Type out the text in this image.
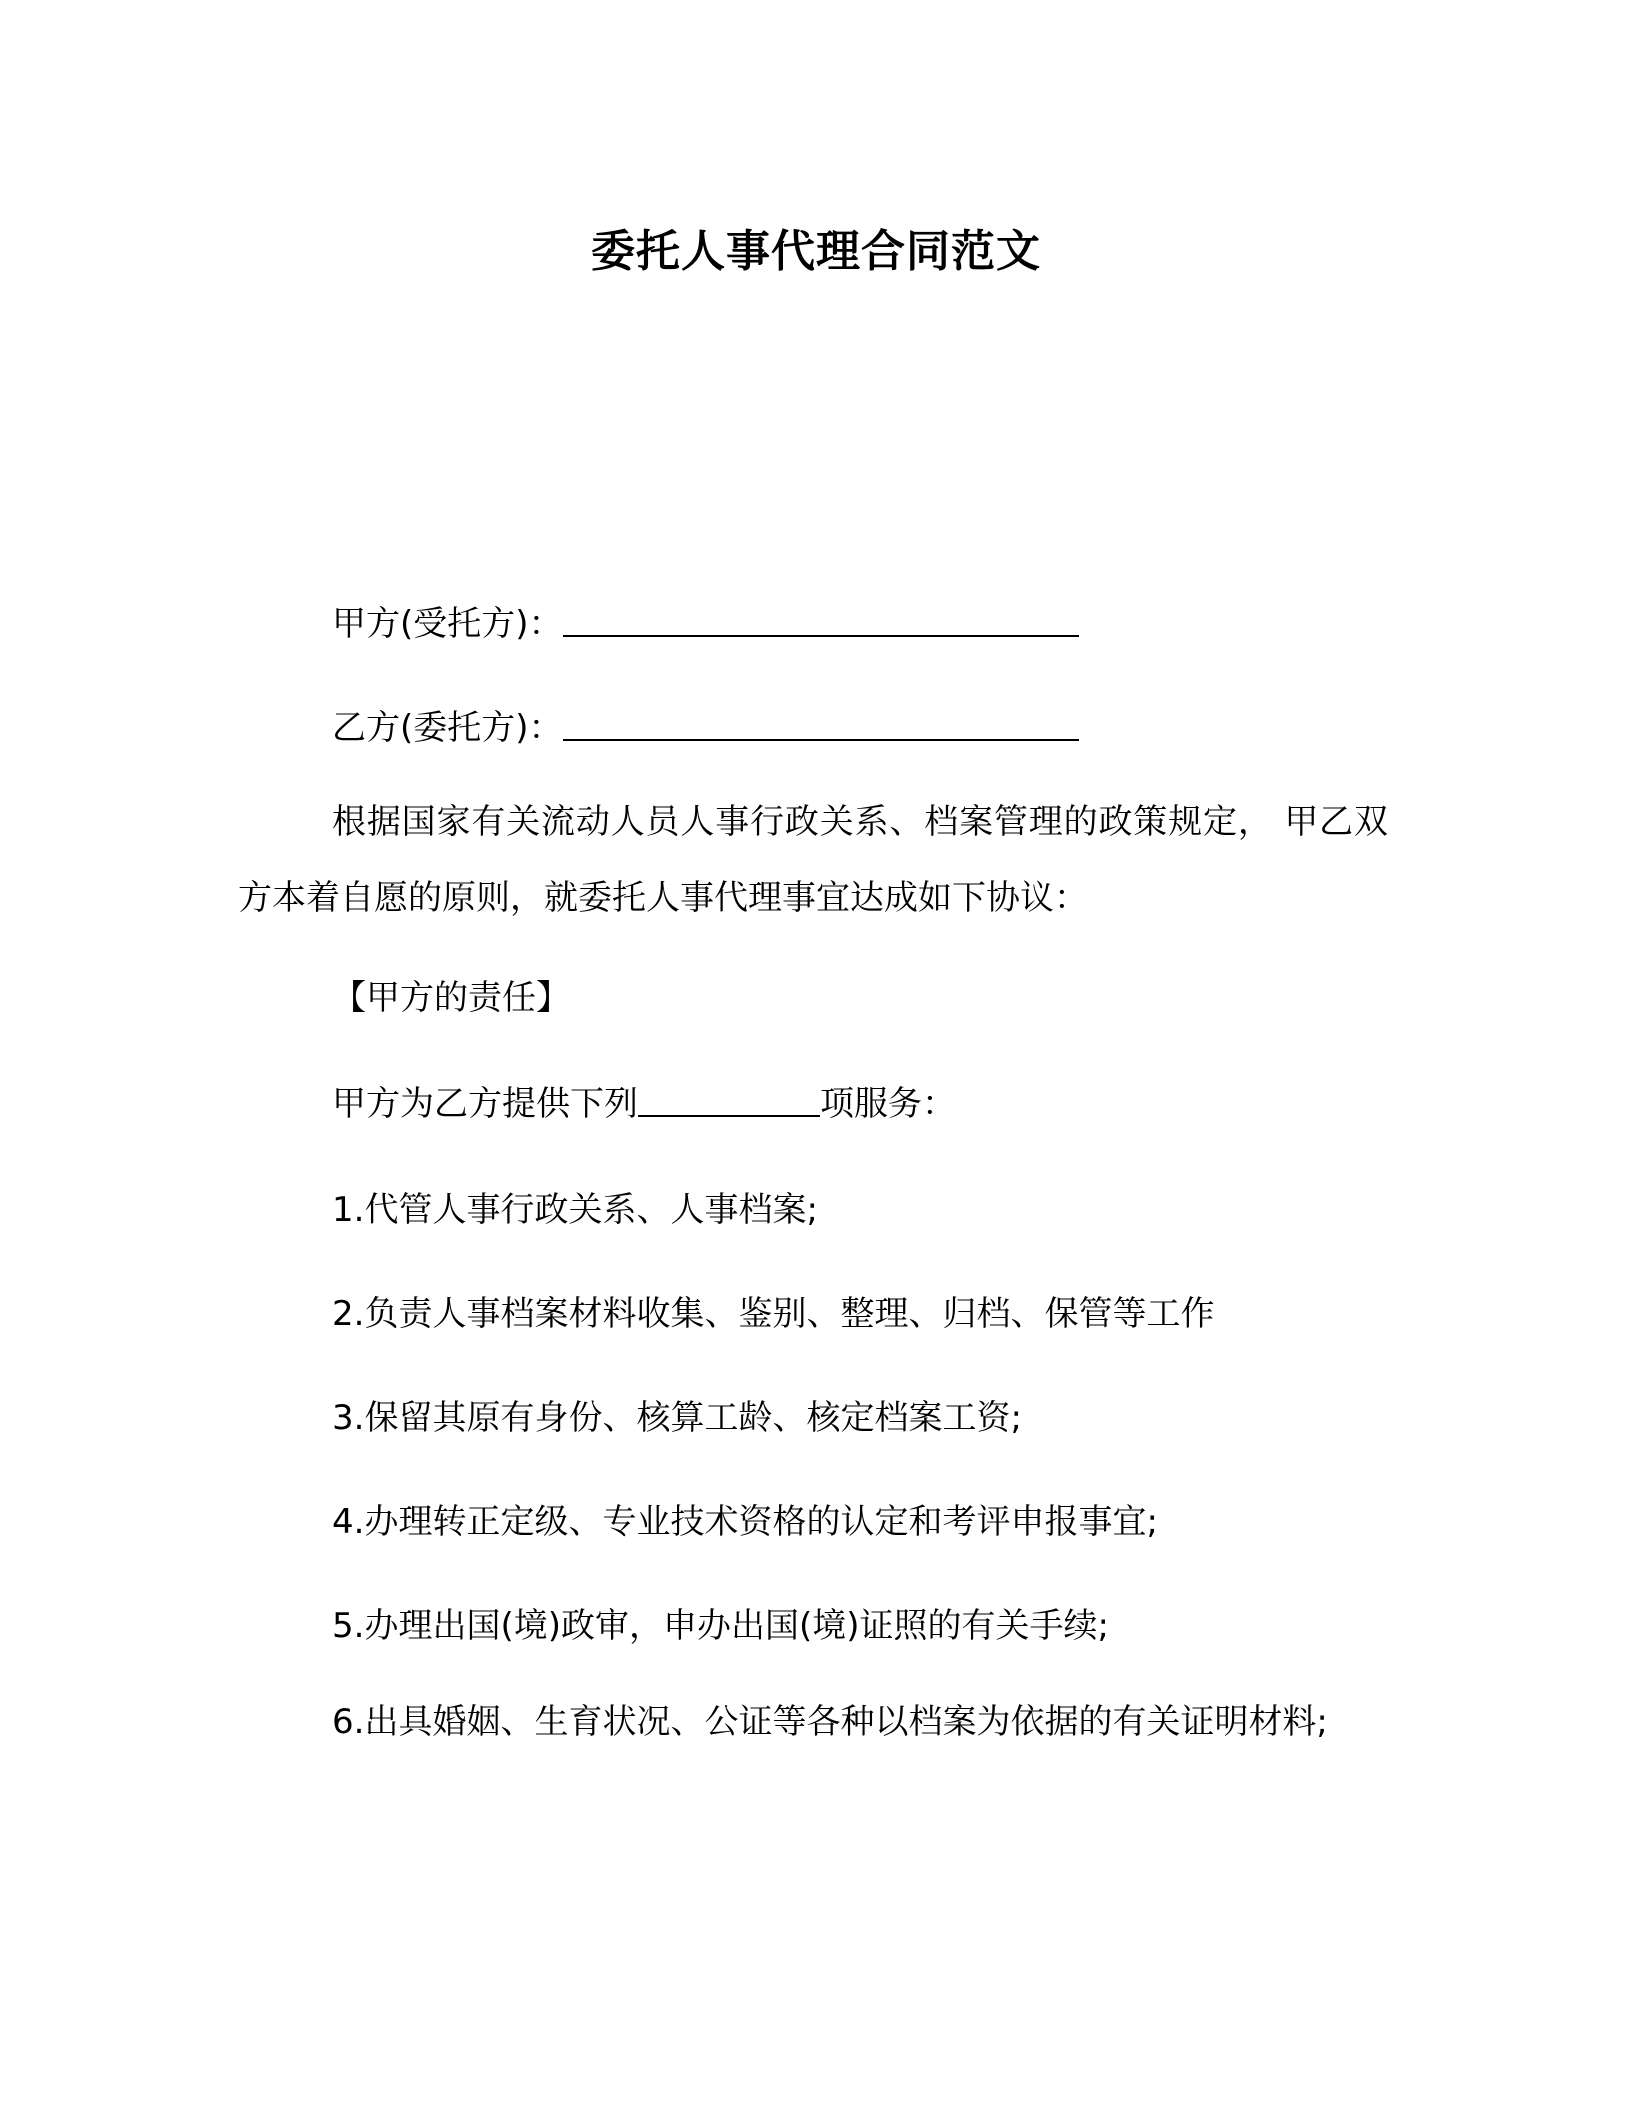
委托人事代理合同范文
甲方(受托方)：
乙方(委托方)：

根据国家有关流动人员人事行政关系、档案管理的政策规定， 甲乙双方本着自愿的原则，就委托人事代理事宜达成如下协议：

【甲方的责任】
甲方为乙方提供下列	项服务：
1.代管人事行政关系、人事档案;
2.负责人事档案材料收集、鉴别、整理、归档、保管等工作
3.保留其原有身份、核算工龄、核定档案工资;
4.办理转正定级、专业技术资格的认定和考评申报事宜;
5.办理出国(境)政审，申办出国(境)证照的有关手续;

6.出具婚姻、生育状况、公证等各种以档案为依据的有关证明材料;
